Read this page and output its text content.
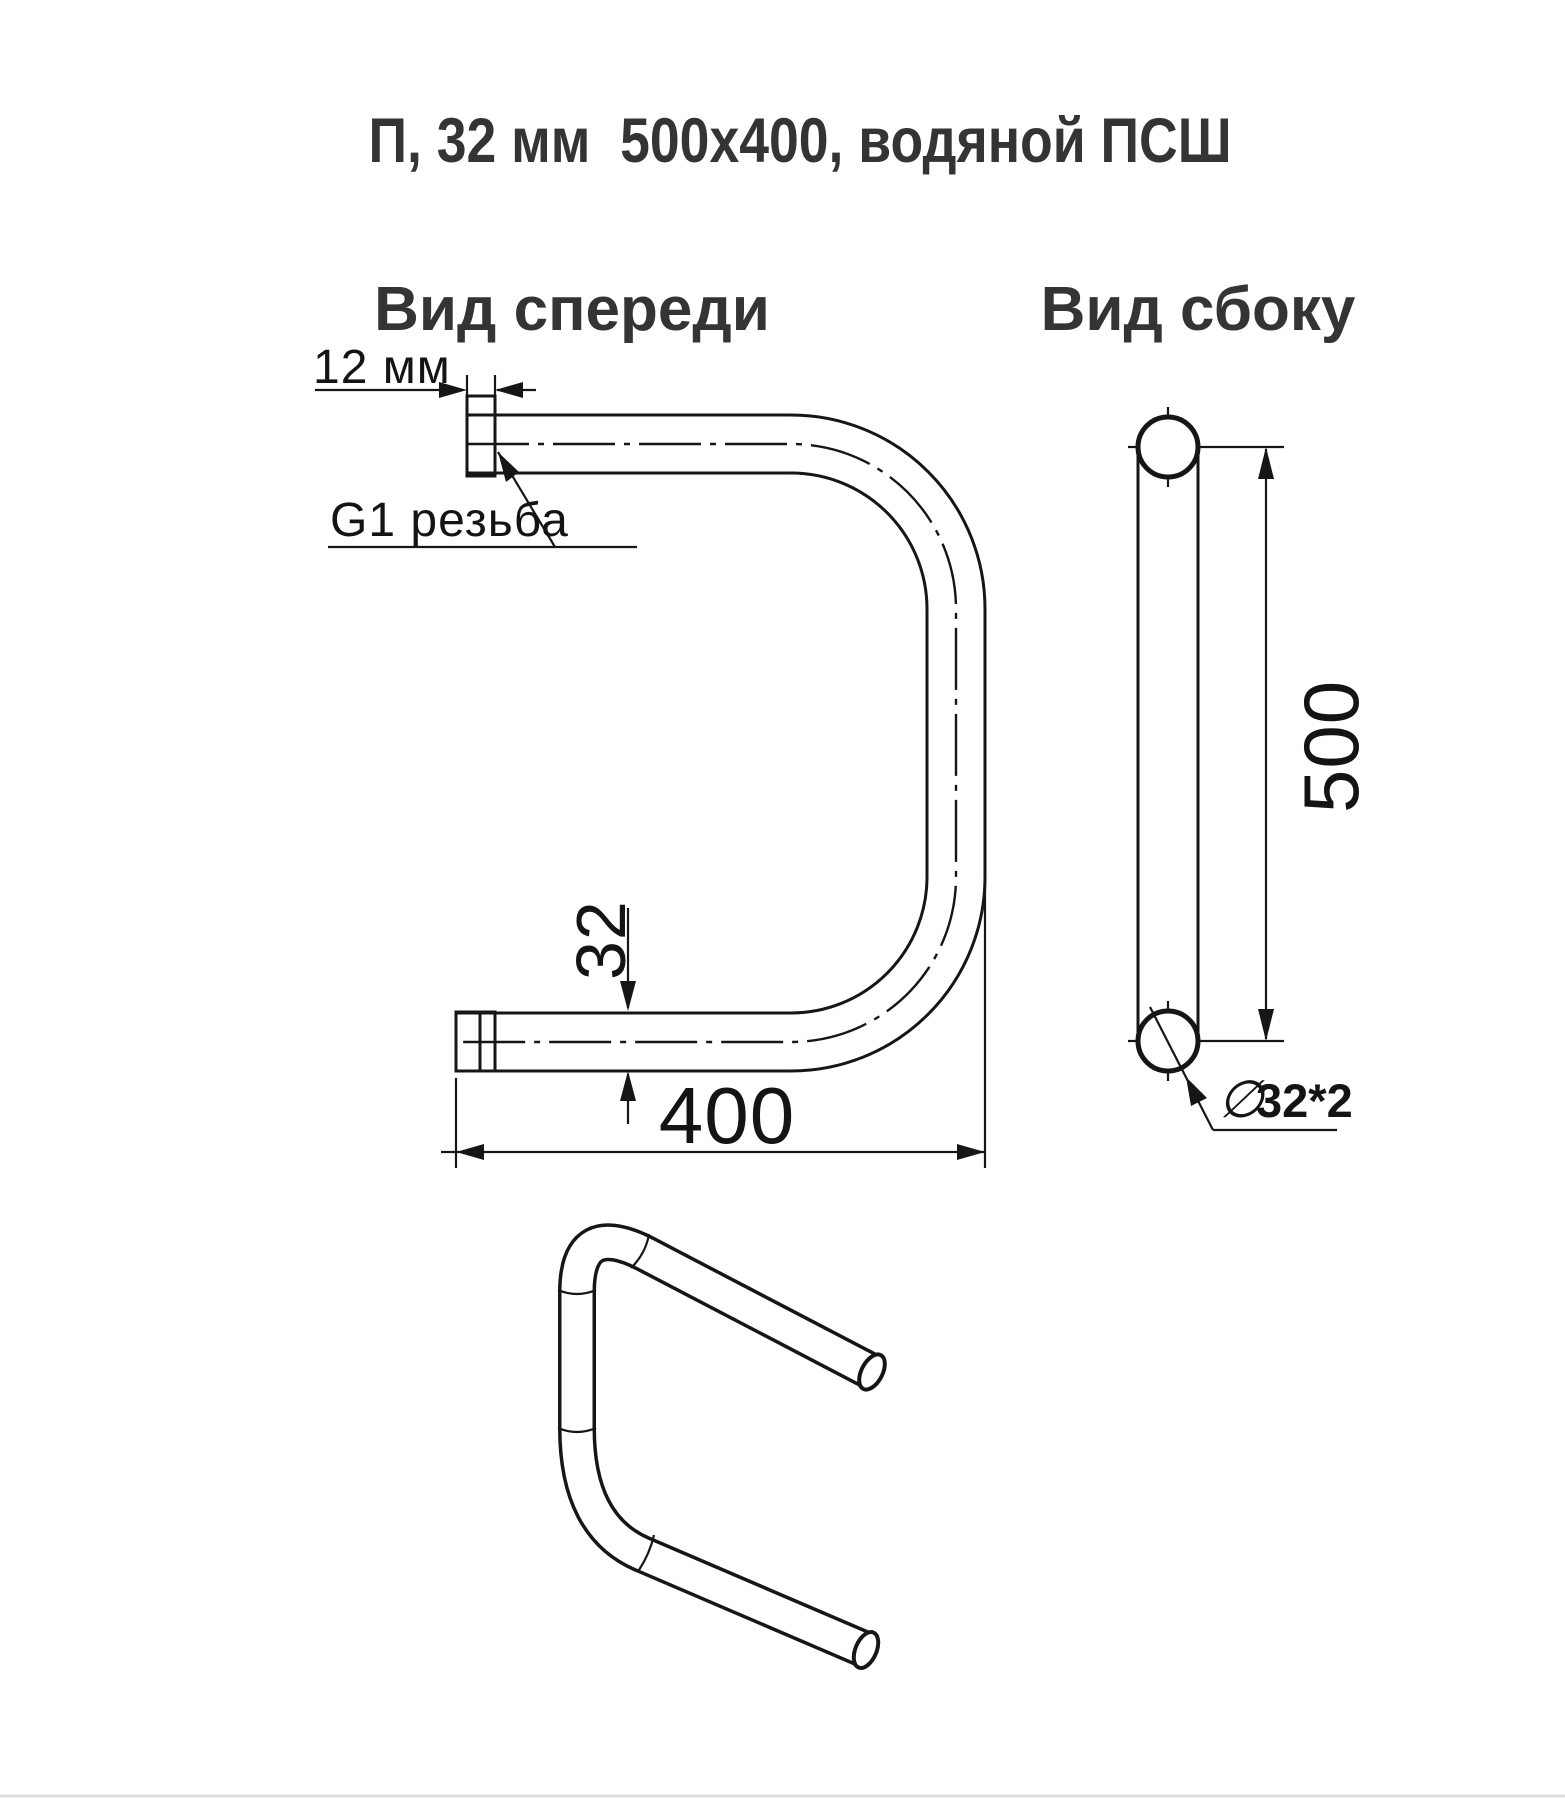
П, 32 мм  500х400, водяной ПСШ
Вид спереди	Вид сбоку
12 мм
G1 резьба
32
400
500
∅
32*2
